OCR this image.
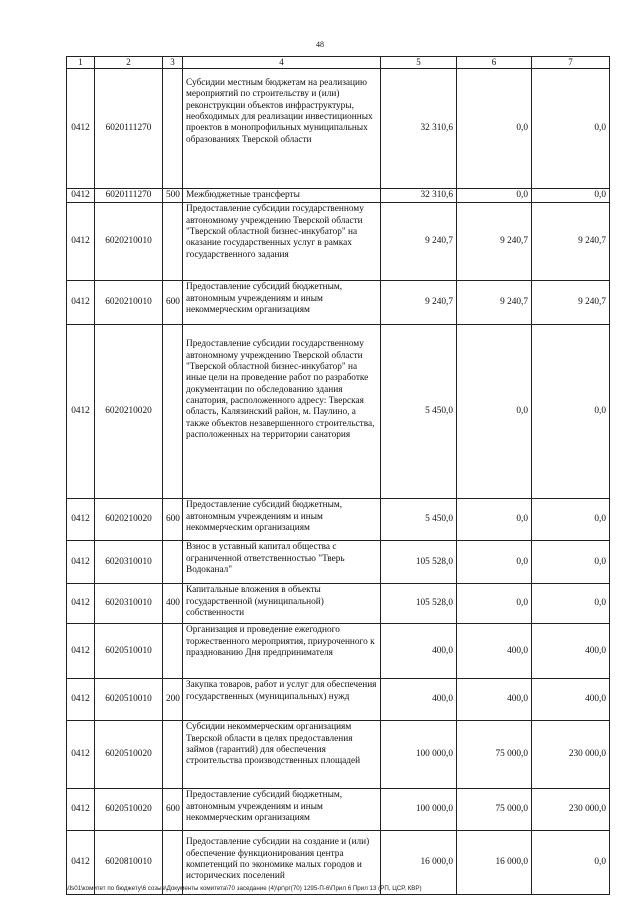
48
1	2	3	4	5	6	7
0412	6020111270		Субсидии местным бюджетам на реализацию мероприятий по строительству и (или) реконструкции объектов инфраструктуры, необходимых для реализации инвестиционных проектов в монопрофильных муниципальных образованиях Тверской области	32 310,6	0,0	0,0
0412	6020111270	500	Межбюджетные трансферты	32 310,6	0,0	0,0
0412	6020210010		Предоставление субсидии государственному автономному учреждению Тверской области "Тверской областной бизнес-инкубатор" на оказание государственных услуг в рамках государственного задания	9 240,7	9 240,7	9 240,7
0412	6020210010	600	Предоставление субсидий бюджетным, автономным учреждениям и иным некоммерческим организациям	9 240,7	9 240,7	9 240,7
0412	6020210020		Предоставление субсидии государственному автономному учреждению Тверской области "Тверской областной бизнес-инкубатор" на иные цели на проведение работ по разработке документации по обследованию здания санатория, расположенного адресу: Тверская область, Калязинский район, м. Паулино, а также объектов незавершенного строительства, расположенных на территории санатория	5 450,0	0,0	0,0
0412	6020210020	600	Предоставление субсидий бюджетным, автономным учреждениям и иным некоммерческим организациям	5 450,0	0,0	0,0
0412	6020310010		Взнос в уставный капитал общества с ограниченной ответственностью "Тверь Водоканал"	105 528,0	0,0	0,0
0412	6020310010	400	Капитальные вложения в объекты государственной (муниципальной) собственности	105 528,0	0,0	0,0
0412	6020510010		Организация и проведение ежегодного торжественного мероприятия, приуроченного к празднованию Дня предпринимателя	400,0	400,0	400,0
0412	6020510010	200	Закупка товаров, работ и услуг для обеспечения государственных (муниципальных) нужд	400,0	400,0	400,0
0412	6020510020		Субсидии некоммерческим организациям Тверской области в целях предоставления займов (гарантий) для обеспечения строительства производственных площадей	100 000,0	75 000,0	230 000,0
0412	6020510020	600	Предоставление субсидий бюджетным, автономным учреждениям и иным некоммерческим организациям	100 000,0	75 000,0	230 000,0
0412	6020810010		Предоставление субсидии на создание и (или) обеспечение функционирования центра компетенций по экономике малых городов и исторических поселений	16 000,0	16 000,0	0,0
\\fs01\комитет по бюджету\6 созыв\Документы комитета\70 заседание (4)\рг\рг(70) 1295-П-6\Прил 6 Прил 13 (РП, ЦСР, КВР)
